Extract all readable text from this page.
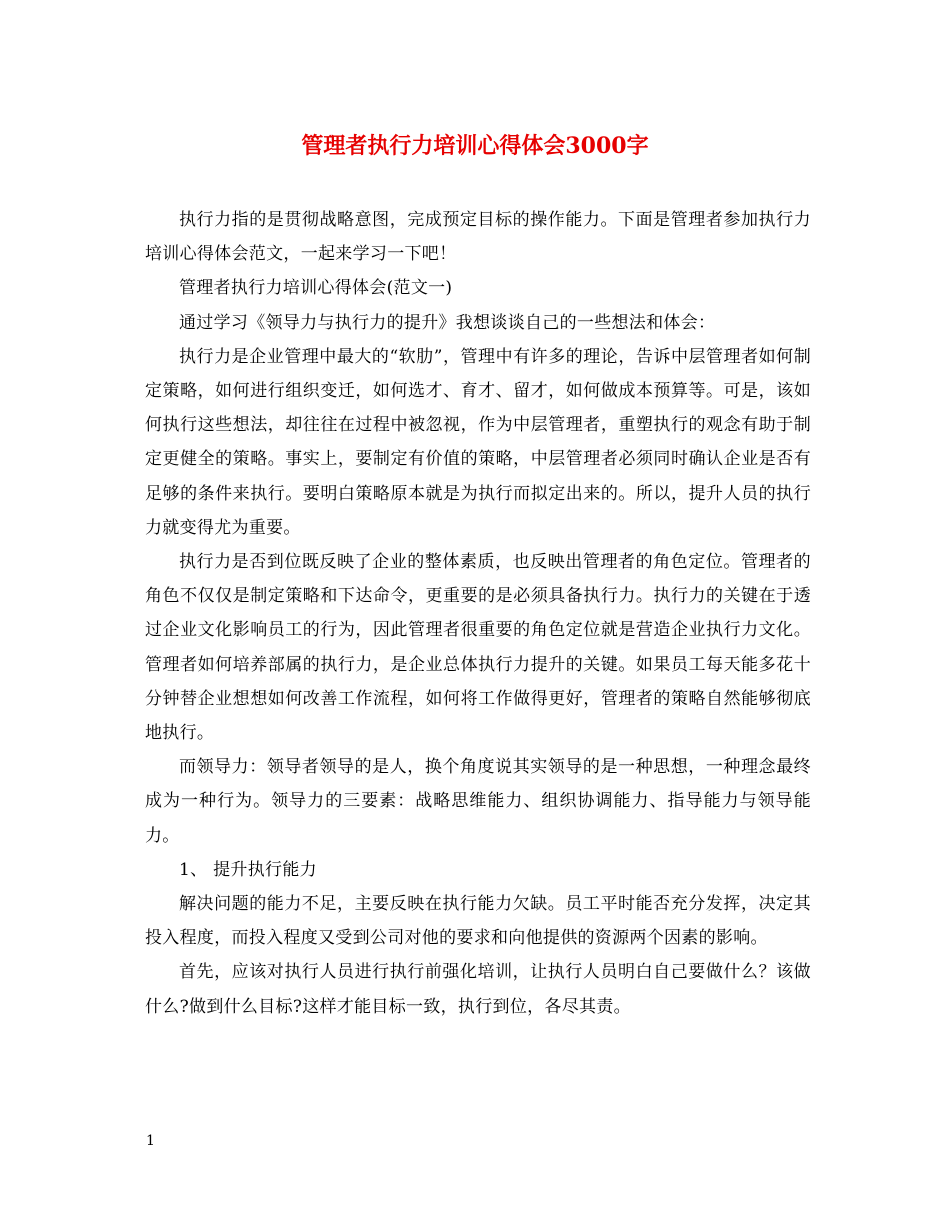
管理者执行力培训心得体会3000字

执行力指的是贯彻战略意图，完成预定目标的操作能力。下面是管理者参加执行力培训心得体会范文，一起来学习一下吧！

管理者执行力培训心得体会(范文一)

通过学习《领导力与执行力的提升》我想谈谈自己的一些想法和体会：

执行力是企业管理中最大的“软肋”，管理中有许多的理论，告诉中层管理者如何制定策略，如何进行组织变迁，如何选才、育才、留才，如何做成本预算等。可是，该如何执行这些想法，却往往在过程中被忽视，作为中层管理者，重塑执行的观念有助于制定更健全的策略。事实上，要制定有价值的策略，中层管理者必须同时确认企业是否有足够的条件来执行。要明白策略原本就是为执行而拟定出来的。所以，提升人员的执行力就变得尤为重要。

执行力是否到位既反映了企业的整体素质，也反映出管理者的角色定位。管理者的角色不仅仅是制定策略和下达命令，更重要的是必须具备执行力。执行力的关键在于透过企业文化影响员工的行为，因此管理者很重要的角色定位就是营造企业执行力文化。管理者如何培养部属的执行力，是企业总体执行力提升的关键。如果员工每天能多花十分钟替企业想想如何改善工作流程，如何将工作做得更好，管理者的策略自然能够彻底地执行。

而领导力：领导者领导的是人，换个角度说其实领导的是一种思想，一种理念最终成为一种行为。领导力的三要素：战略思维能力、组织协调能力、指导能力与领导能力。

1、 提升执行能力

解决问题的能力不足，主要反映在执行能力欠缺。员工平时能否充分发挥，决定其投入程度，而投入程度又受到公司对他的要求和向他提供的资源两个因素的影响。

首先，应该对执行人员进行执行前强化培训，让执行人员明白自己要做什么？该做什么?做到什么目标?这样才能目标一致，执行到位，各尽其责。

1
